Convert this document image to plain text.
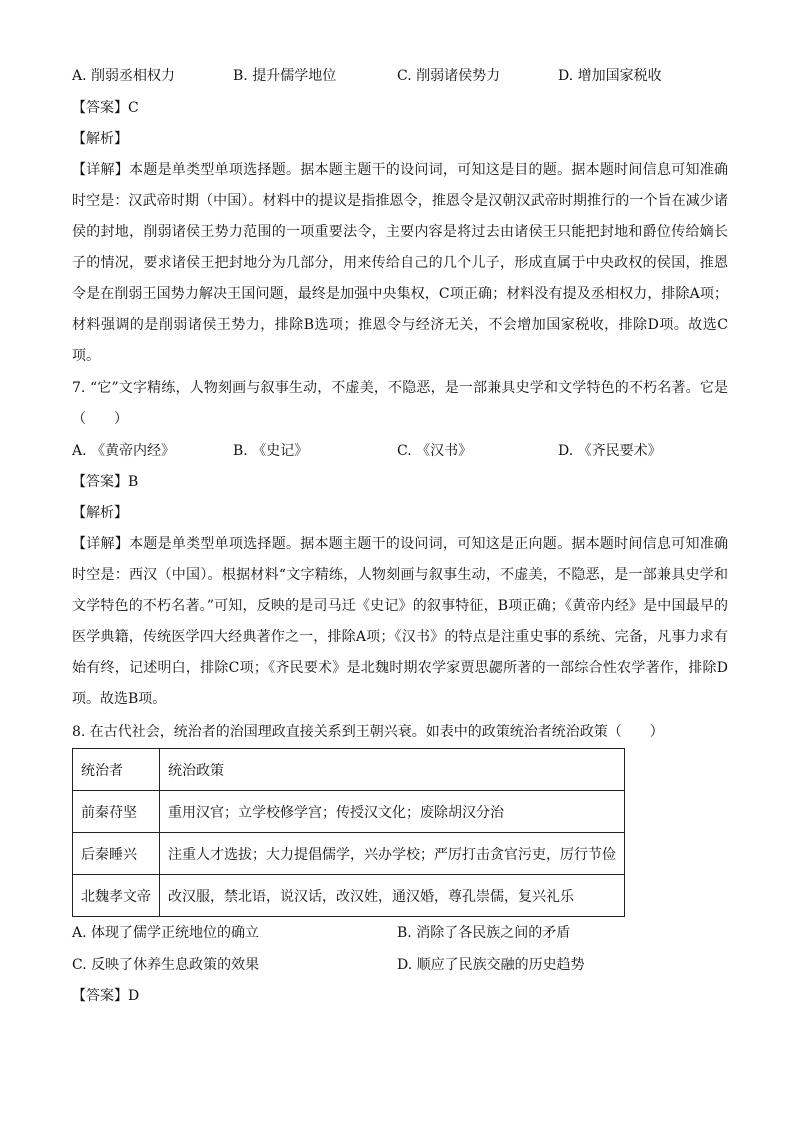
A. 削弱丞相权力	B. 提升儒学地位	C. 削弱诸侯势力	D. 增加国家税收
【答案】C
【解析】
【详解】本题是单类型单项选择题。据本题主题干的设问词，可知这是目的题。据本题时间信息可知准确时空是：汉武帝时期（中国）。材料中的提议是指推恩令，推恩令是汉朝汉武帝时期推行的一个旨在减少诸侯的封地，削弱诸侯王势力范围的一项重要法令，主要内容是将过去由诸侯王只能把封地和爵位传给嫡长子的情况，要求诸侯王把封地分为几部分，用来传给自己的几个儿子，形成直属于中央政权的侯国，推恩令是在削弱王国势力解决王国问题，最终是加强中央集权，C项正确；材料没有提及丞相权力，排除A项；材料强调的是削弱诸侯王势力，排除B选项；推恩令与经济无关，不会增加国家税收，排除D项。故选C项。
7. “它”文字精练，人物刻画与叙事生动，不虚美，不隐恶，是一部兼具史学和文学特色的不朽名著。它是（　　）
A. 《黄帝内经》	B. 《史记》	C. 《汉书》	D. 《齐民要术》
【答案】B
【解析】
【详解】本题是单类型单项选择题。据本题主题干的设问词，可知这是正向题。据本题时间信息可知准确时空是：西汉（中国）。根据材料“文字精练，人物刻画与叙事生动，不虚美，不隐恶，是一部兼具史学和文学特色的不朽名著。”可知，反映的是司马迁《史记》的叙事特征，B项正确；《黄帝内经》是中国最早的医学典籍，传统医学四大经典著作之一，排除A项；《汉书》的特点是注重史事的系统、完备，凡事力求有始有终，记述明白，排除C项；《齐民要术》是北魏时期农学家贾思勰所著的一部综合性农学著作，排除D项。故选B项。
8. 在古代社会，统治者的治国理政直接关系到王朝兴衰。如表中的政策统治者统治政策（　　）
统治者	统治政策
前秦苻坚	重用汉官；立学校修学宫；传授汉文化；废除胡汉分治
后秦睡兴	注重人才选拔；大力提倡儒学，兴办学校；严厉打击贪官污吏，厉行节俭
北魏孝文帝	改汉服，禁北语，说汉话，改汉姓，通汉婚，尊孔崇儒，复兴礼乐
A. 体现了儒学正统地位的确立	B. 消除了各民族之间的矛盾
C. 反映了休养生息政策的效果	D. 顺应了民族交融的历史趋势
【答案】D
